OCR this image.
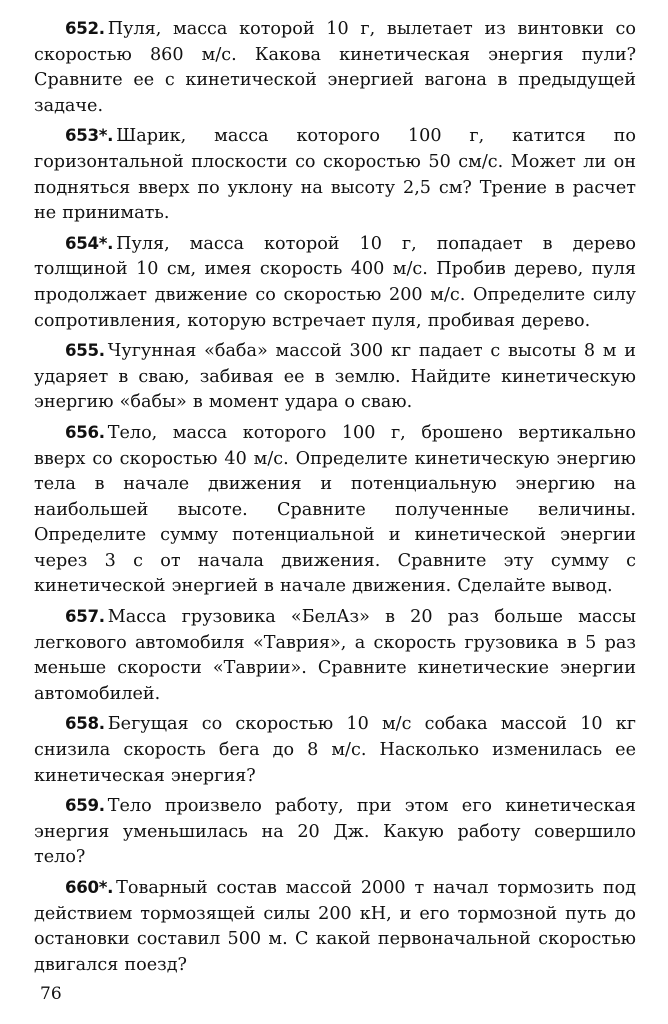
652. Пуля, масса которой 10 г, вылетает из винтовки со скоростью 860 м/с. Какова кинетическая энергия пули? Сравните ее с кинетической энергией вагона в предыдущей задаче.

653*. Шарик, масса которого 100 г, катится по горизонтальной плоскости со скоростью 50 см/с. Может ли он подняться вверх по уклону на высоту 2,5 см? Трение в расчет не принимать.

654*. Пуля, масса которой 10 г, попадает в дерево толщиной 10 см, имея скорость 400 м/с. Пробив дерево, пуля продолжает движение со скоростью 200 м/с. Определите силу сопротивления, которую встречает пуля, пробивая дерево.

655. Чугунная «баба» массой 300 кг падает с высоты 8 м и ударяет в сваю, забивая ее в землю. Найдите кинетическую энергию «бабы» в момент удара о сваю.

656. Тело, масса которого 100 г, брошено вертикально вверх со скоростью 40 м/с. Определите кинетическую энергию тела в начале движения и потенциальную энергию на наибольшей высоте. Сравните полученные величины. Определите сумму потенциальной и кинетической энергии через 3 с от начала движения. Сравните эту сумму с кинетической энергией в начале движения. Сделайте вывод.

657. Масса грузовика «БелАз» в 20 раз больше массы легкового автомобиля «Таврия», а скорость грузовика в 5 раз меньше скорости «Таврии». Сравните кинетические энергии автомобилей.

658. Бегущая со скоростью 10 м/с собака массой 10 кг снизила скорость бега до 8 м/с. Насколько изменилась ее кинетическая энергия?

659. Тело произвело работу, при этом его кинетическая энергия уменьшилась на 20 Дж. Какую работу совершило тело?

660*. Товарный состав массой 2000 т начал тормозить под действием тормозящей силы 200 кН, и его тормозной путь до остановки составил 500 м. С какой первоначальной скоростью двигался поезд?

76
